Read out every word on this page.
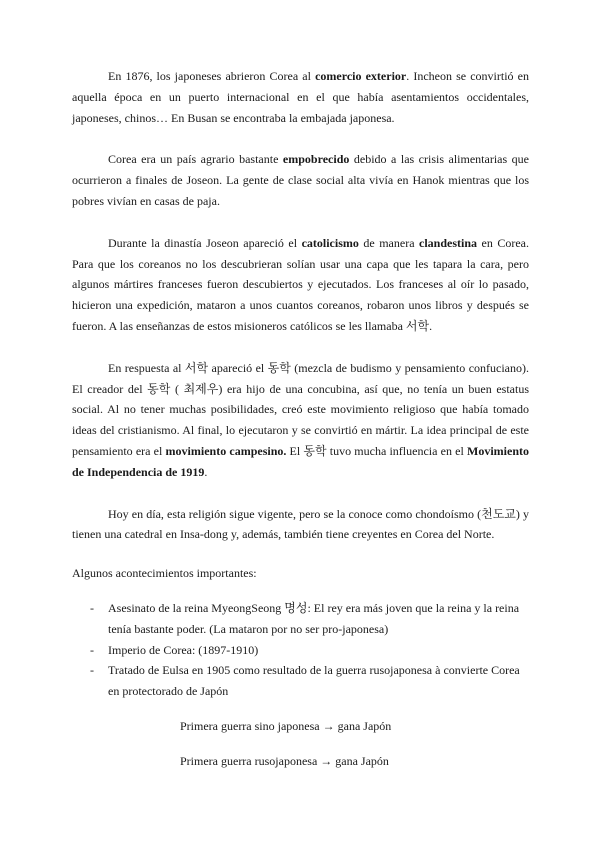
En 1876, los japoneses abrieron Corea al comercio exterior. Incheon se convirtió en aquella época en un puerto internacional en el que había asentamientos occidentales, japoneses, chinos… En Busan se encontraba la embajada japonesa.

Corea era un país agrario bastante empobrecido debido a las crisis alimentarias que ocurrieron a finales de Joseon. La gente de clase social alta vivía en Hanok mientras que los pobres vivían en casas de paja.

Durante la dinastía Joseon apareció el catolicismo de manera clandestina en Corea. Para que los coreanos no los descubrieran solían usar una capa que les tapara la cara, pero algunos mártires franceses fueron descubiertos y ejecutados. Los franceses al oír lo pasado, hicieron una expedición, mataron a unos cuantos coreanos, robaron unos libros y después se fueron. A las enseñanzas de estos misioneros católicos se les llamaba 서학.

En respuesta al 서학 apareció el 동학 (mezcla de budismo y pensamiento confuciano). El creador del 동학 ( 최제우) era hijo de una concubina, así que, no tenía un buen estatus social. Al no tener muchas posibilidades, creó este movimiento religioso que había tomado ideas del cristianismo. Al final, lo ejecutaron y se convirtió en mártir. La idea principal de este pensamiento era el movimiento campesino. El 동학 tuvo mucha influencia en el Movimiento de Independencia de 1919.

Hoy en día, esta religión sigue vigente, pero se la conoce como chondoísmo (천도교) y tienen una catedral en Insa-dong y, además, también tiene creyentes en Corea del Norte.

Algunos acontecimientos importantes:

- Asesinato de la reina MyeongSeong 명성: El rey era más joven que la reina y la reina tenía bastante poder. (La mataron por no ser pro-japonesa)
- Imperio de Corea: (1897-1910)
- Tratado de Eulsa en 1905 como resultado de la guerra rusojaponesa à convierte Corea en protectorado de Japón

Primera guerra sino japonesa → gana Japón

Primera guerra rusojaponesa → gana Japón
